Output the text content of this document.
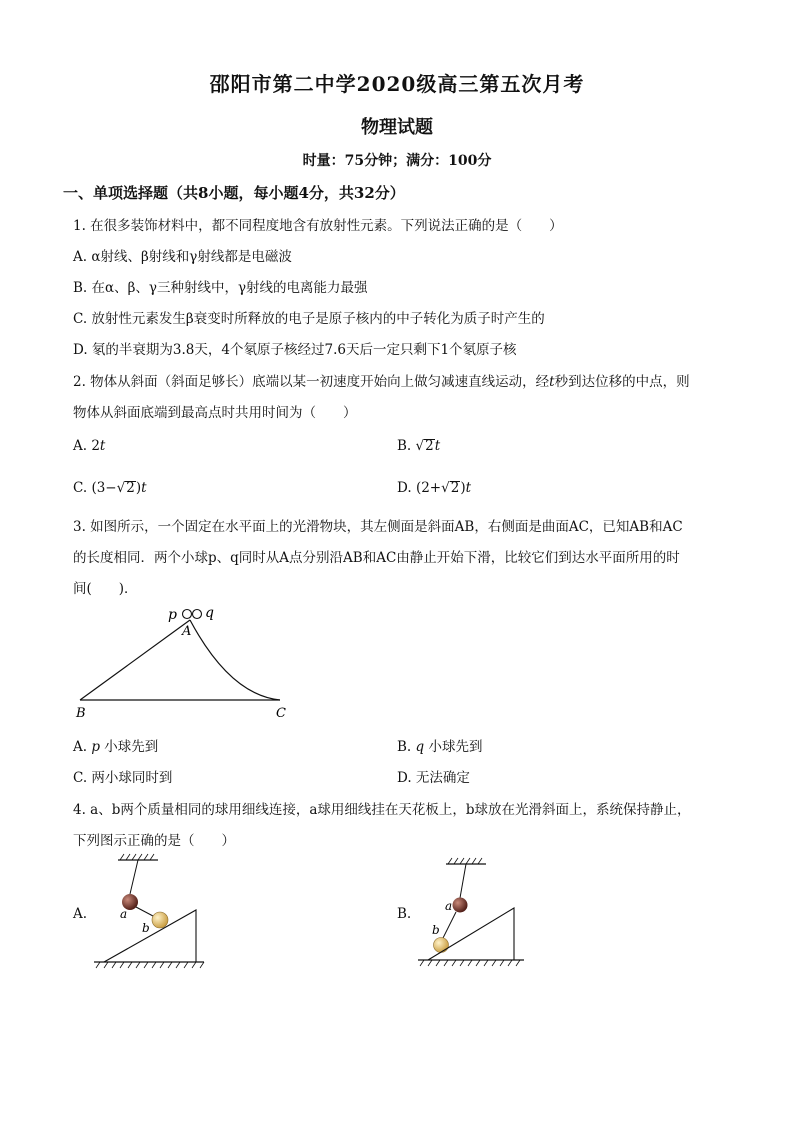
邵阳市第二中学2020级高三第五次月考
物理试题
时量：75分钟；满分：100分
一、单项选择题（共8小题，每小题4分，共32分）
1. 在很多装饰材料中，都不同程度地含有放射性元素。下列说法正确的是（　　）
A. α射线、β射线和γ射线都是电磁波
B. 在α、β、γ三种射线中，γ射线的电离能力最强
C. 放射性元素发生β衰变时所释放的电子是原子核内的中子转化为质子时产生的
D. 氡的半衰期为3.8天，4个氡原子核经过7.6天后一定只剩下1个氡原子核
2. 物体从斜面（斜面足够长）底端以某一初速度开始向上做匀减速直线运动，经t秒到达位移的中点，则
物体从斜面底端到最高点时共用时间为（　　）
A. 2t	B. √2t
C. (3−√2)t	D. (2+√2)t
3. 如图所示，一个固定在水平面上的光滑物块，其左侧面是斜面AB，右侧面是曲面AC，已知AB和AC
的长度相同．两个小球p、q同时从A点分别沿AB和AC由静止开始下滑，比较它们到达水平面所用的时
间(　　)．
p q
A
B	C
A. p 小球先到	B. q 小球先到
C. 两小球同时到	D. 无法确定
4. a、b两个质量相同的球用细线连接，a球用细线挂在天花板上，b球放在光滑斜面上，系统保持静止，
下列图示正确的是（　　）
A.	a
b
B.	a
b
